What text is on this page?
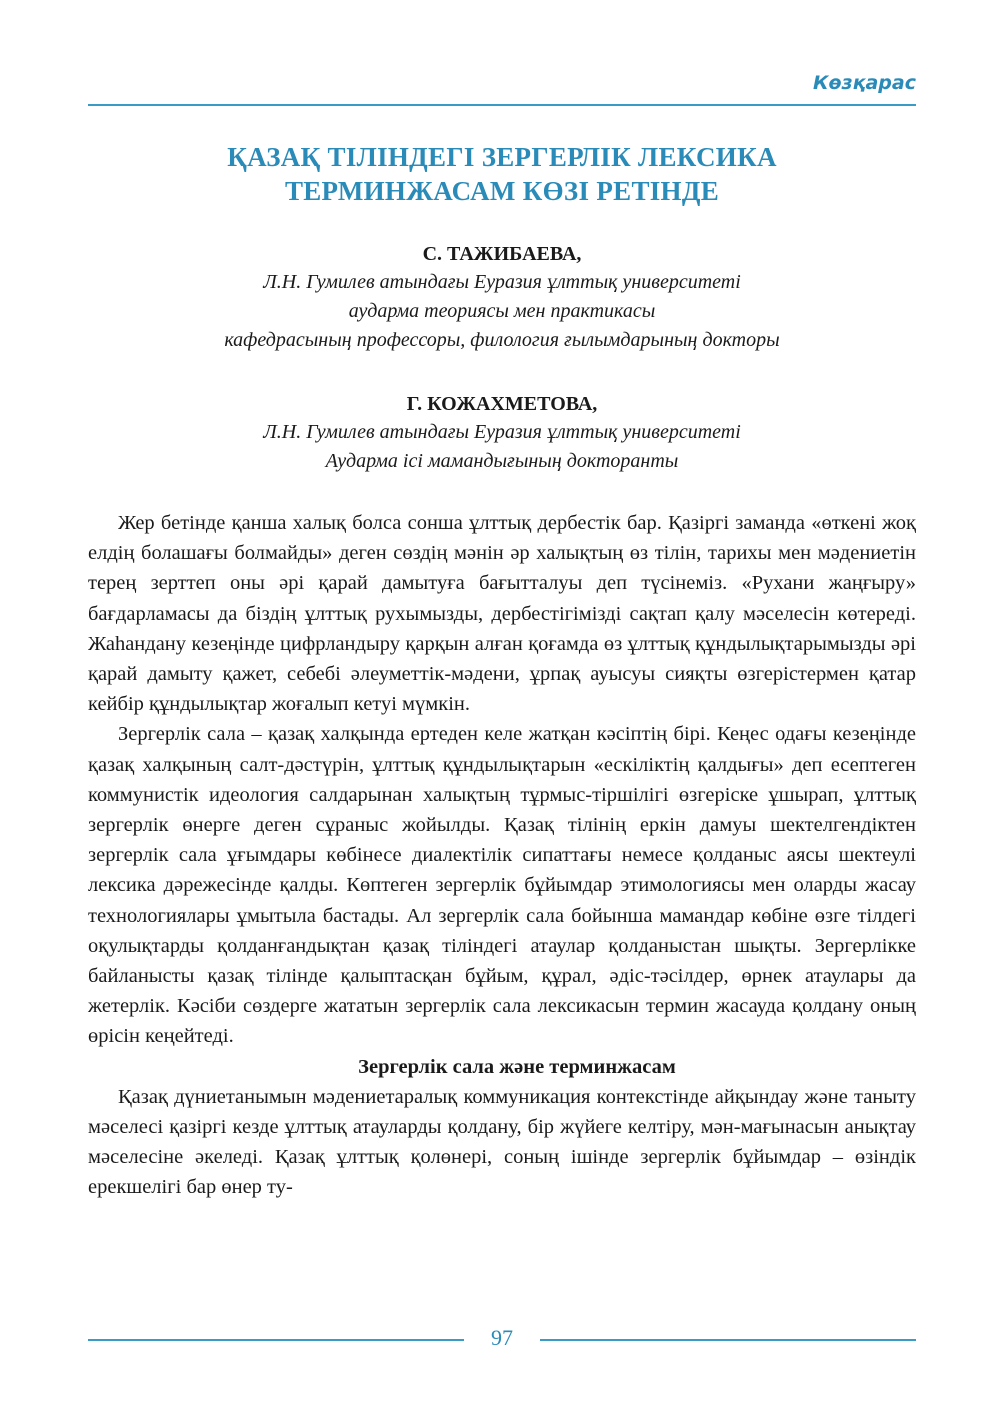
Көзқарас
ҚАЗАҚ ТІЛІНДЕГІ ЗЕРГЕРЛІК ЛЕКСИКА
ТЕРМИНЖАСАМ КӨЗІ РЕТІНДЕ
С. ТАЖИБАЕВА,
Л.Н. Гумилев атындағы Еуразия ұлттық университеті
аударма теориясы мен практикасы
кафедрасының профессоры, филология ғылымдарының докторы
Г. КОЖАХМЕТОВА,
Л.Н. Гумилев атындағы Еуразия ұлттық университеті
Аударма ісі мамандығының докторанты

Жер бетінде қанша халық болса сонша ұлттық дербестік бар. Қазіргі заманда «өткені жоқ елдің болашағы болмайды» деген сөздің мәнін әр халықтың өз тілін, тарихы мен мәдениетін терең зерттеп оны әрі қарай дамытуға бағытталуы деп түсінеміз. «Рухани жаңғыру» бағдарламасы да біздің ұлттық рухымызды, дербестігімізді сақтап қалу мәселесін көтереді. Жаһандану кезеңінде цифрландыру қарқын алған қоғамда өз ұлттық құндылықтарымызды әрі қарай дамыту қажет, себебі әлеуметтік-мәдени, ұрпақ ауысуы сияқты өзгерістермен қатар кейбір құндылықтар жоғалып кетуі мүмкін.

Зергерлік сала – қазақ халқында ертеден келе жатқан кәсіптің бірі. Кеңес одағы кезеңінде қазақ халқының салт-дәстүрін, ұлттық құндылықтарын «ескіліктің қалдығы» деп есептеген коммунистік идеология салдарынан халықтың тұрмыс-тіршілігі өзгеріске ұшырап, ұлттық зергерлік өнерге деген сұраныс жойылды. Қазақ тілінің еркін дамуы шектелгендіктен зергерлік сала ұғымдары көбінесе диалектілік сипаттағы немесе қолданыс аясы шектеулі лексика дәрежесінде қалды. Көптеген зергерлік бұйымдар этимологиясы мен оларды жасау технологиялары ұмытыла бастады. Ал зергерлік сала бойынша мамандар көбіне өзге тілдегі оқулықтарды қолданғандықтан қазақ тіліндегі атаулар қолданыстан шықты. Зергерлікке байланысты қазақ тілінде қалыптасқан бұйым, құрал, әдіс-тәсілдер, өрнек атаулары да жетерлік. Кәсіби сөздерге жататын зергерлік сала лексикасын термин жасауда қолдану оның өрісін кеңейтеді.

Зергерлік сала және терминжасам

Қазақ дүниетанымын мәдениетаралық коммуникация контекстінде айқындау және таныту мәселесі қазіргі кезде ұлттық атауларды қолдану, бір жүйеге келтіру, мән-мағынасын анықтау мәселесіне әкеледі. Қазақ ұлттық қолөнері, соның ішінде зергерлік бұйымдар – өзіндік ерекшелігі бар өнер ту-

97
